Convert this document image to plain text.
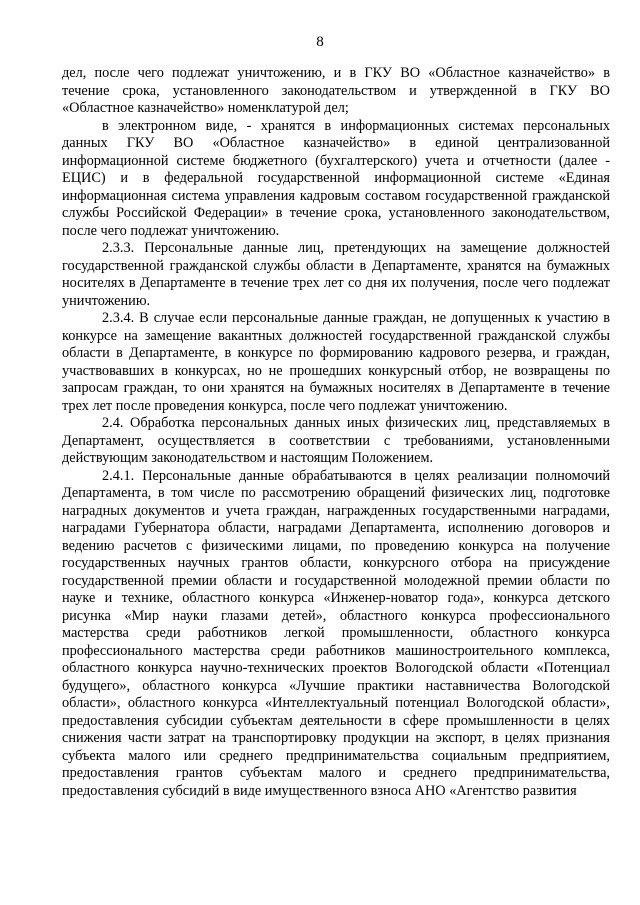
8

дел, после чего подлежат уничтожению, и в ГКУ ВО «Областное казначейство» в течение срока, установленного законодательством и утвержденной в ГКУ ВО «Областное казначейство» номенклатурой дел;

в электронном виде, - хранятся в информационных системах персональных данных ГКУ ВО «Областное казначейство» в единой централизованной информационной системе бюджетного (бухгалтерского) учета и отчетности (далее - ЕЦИС) и в федеральной государственной информационной системе «Единая информационная система управления кадровым составом государственной гражданской службы Российской Федерации» в течение срока, установленного законодательством, после чего подлежат уничтожению.

2.3.3. Персональные данные лиц, претендующих на замещение должностей государственной гражданской службы области в Департаменте, хранятся на бумажных носителях в Департаменте в течение трех лет со дня их получения, после чего подлежат уничтожению.

2.3.4. В случае если персональные данные граждан, не допущенных к участию в конкурсе на замещение вакантных должностей государственной гражданской службы области в Департаменте, в конкурсе по формированию кадрового резерва, и граждан, участвовавших в конкурсах, но не прошедших конкурсный отбор, не возвращены по запросам граждан, то они хранятся на бумажных носителях в Департаменте в течение трех лет после проведения конкурса, после чего подлежат уничтожению.

2.4. Обработка персональных данных иных физических лиц, представляемых в Департамент, осуществляется в соответствии с требованиями, установленными действующим законодательством и настоящим Положением.

2.4.1. Персональные данные обрабатываются в целях реализации полномочий Департамента, в том числе по рассмотрению обращений физических лиц, подготовке наградных документов и учета граждан, награжденных государственными наградами, наградами Губернатора области, наградами Департамента, исполнению договоров и ведению расчетов с физическими лицами, по проведению конкурса на получение государственных научных грантов области, конкурсного отбора на присуждение государственной премии области и государственной молодежной премии области по науке и технике, областного конкурса «Инженер-новатор года», конкурса детского рисунка «Мир науки глазами детей», областного конкурса профессионального мастерства среди работников легкой промышленности, областного конкурса профессионального мастерства среди работников машиностроительного комплекса, областного конкурса научно-технических проектов Вологодской области «Потенциал будущего», областного конкурса «Лучшие практики наставничества Вологодской области», областного конкурса «Интеллектуальный потенциал Вологодской области», предоставления субсидии субъектам деятельности в сфере промышленности в целях снижения части затрат на транспортировку продукции на экспорт, в целях признания субъекта малого или среднего предпринимательства социальным предприятием, предоставления грантов субъектам малого и среднего предпринимательства, предоставления субсидий в виде имущественного взноса АНО «Агентство развития
